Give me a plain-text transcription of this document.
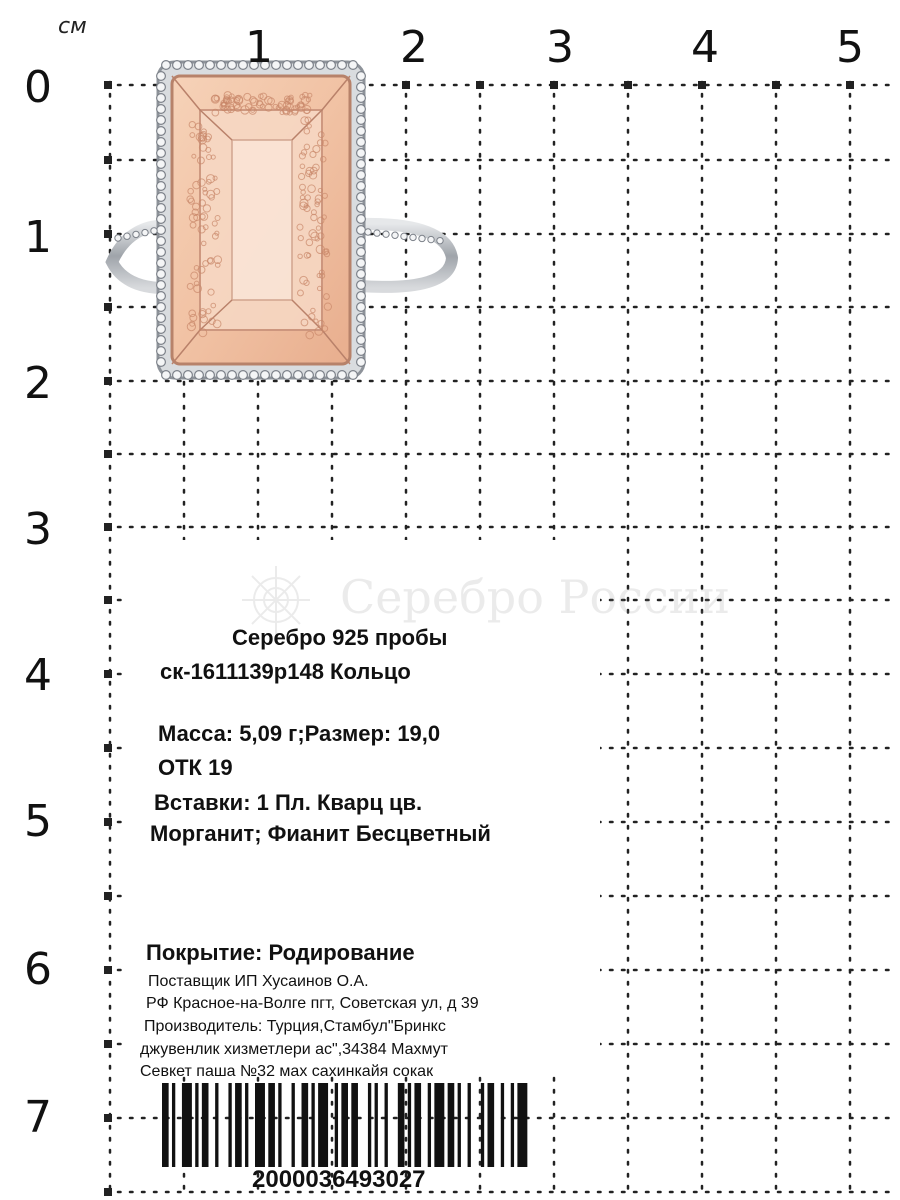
см	1	2	3	4	5
0
1
2
3
4
5
6
7
Серебро России
Серебро 925 пробы
ск-1611139р148 Кольцо
Масса: 5,09 г;Размер: 19,0
ОТК 19
Вставки: 1 Пл. Кварц цв.
Морганит; Фианит Бесцветный
Покрытие: Родирование
Поставщик ИП Хусаинов О.А.
РФ Красное-на-Волге пгт, Советская ул, д 39
Производитель: Турция,Стамбул"Бринкс
джувенлик хизметлери ас",34384 Махмут
Севкет паша №32 мах сахинкайя сокак
2000036493027
